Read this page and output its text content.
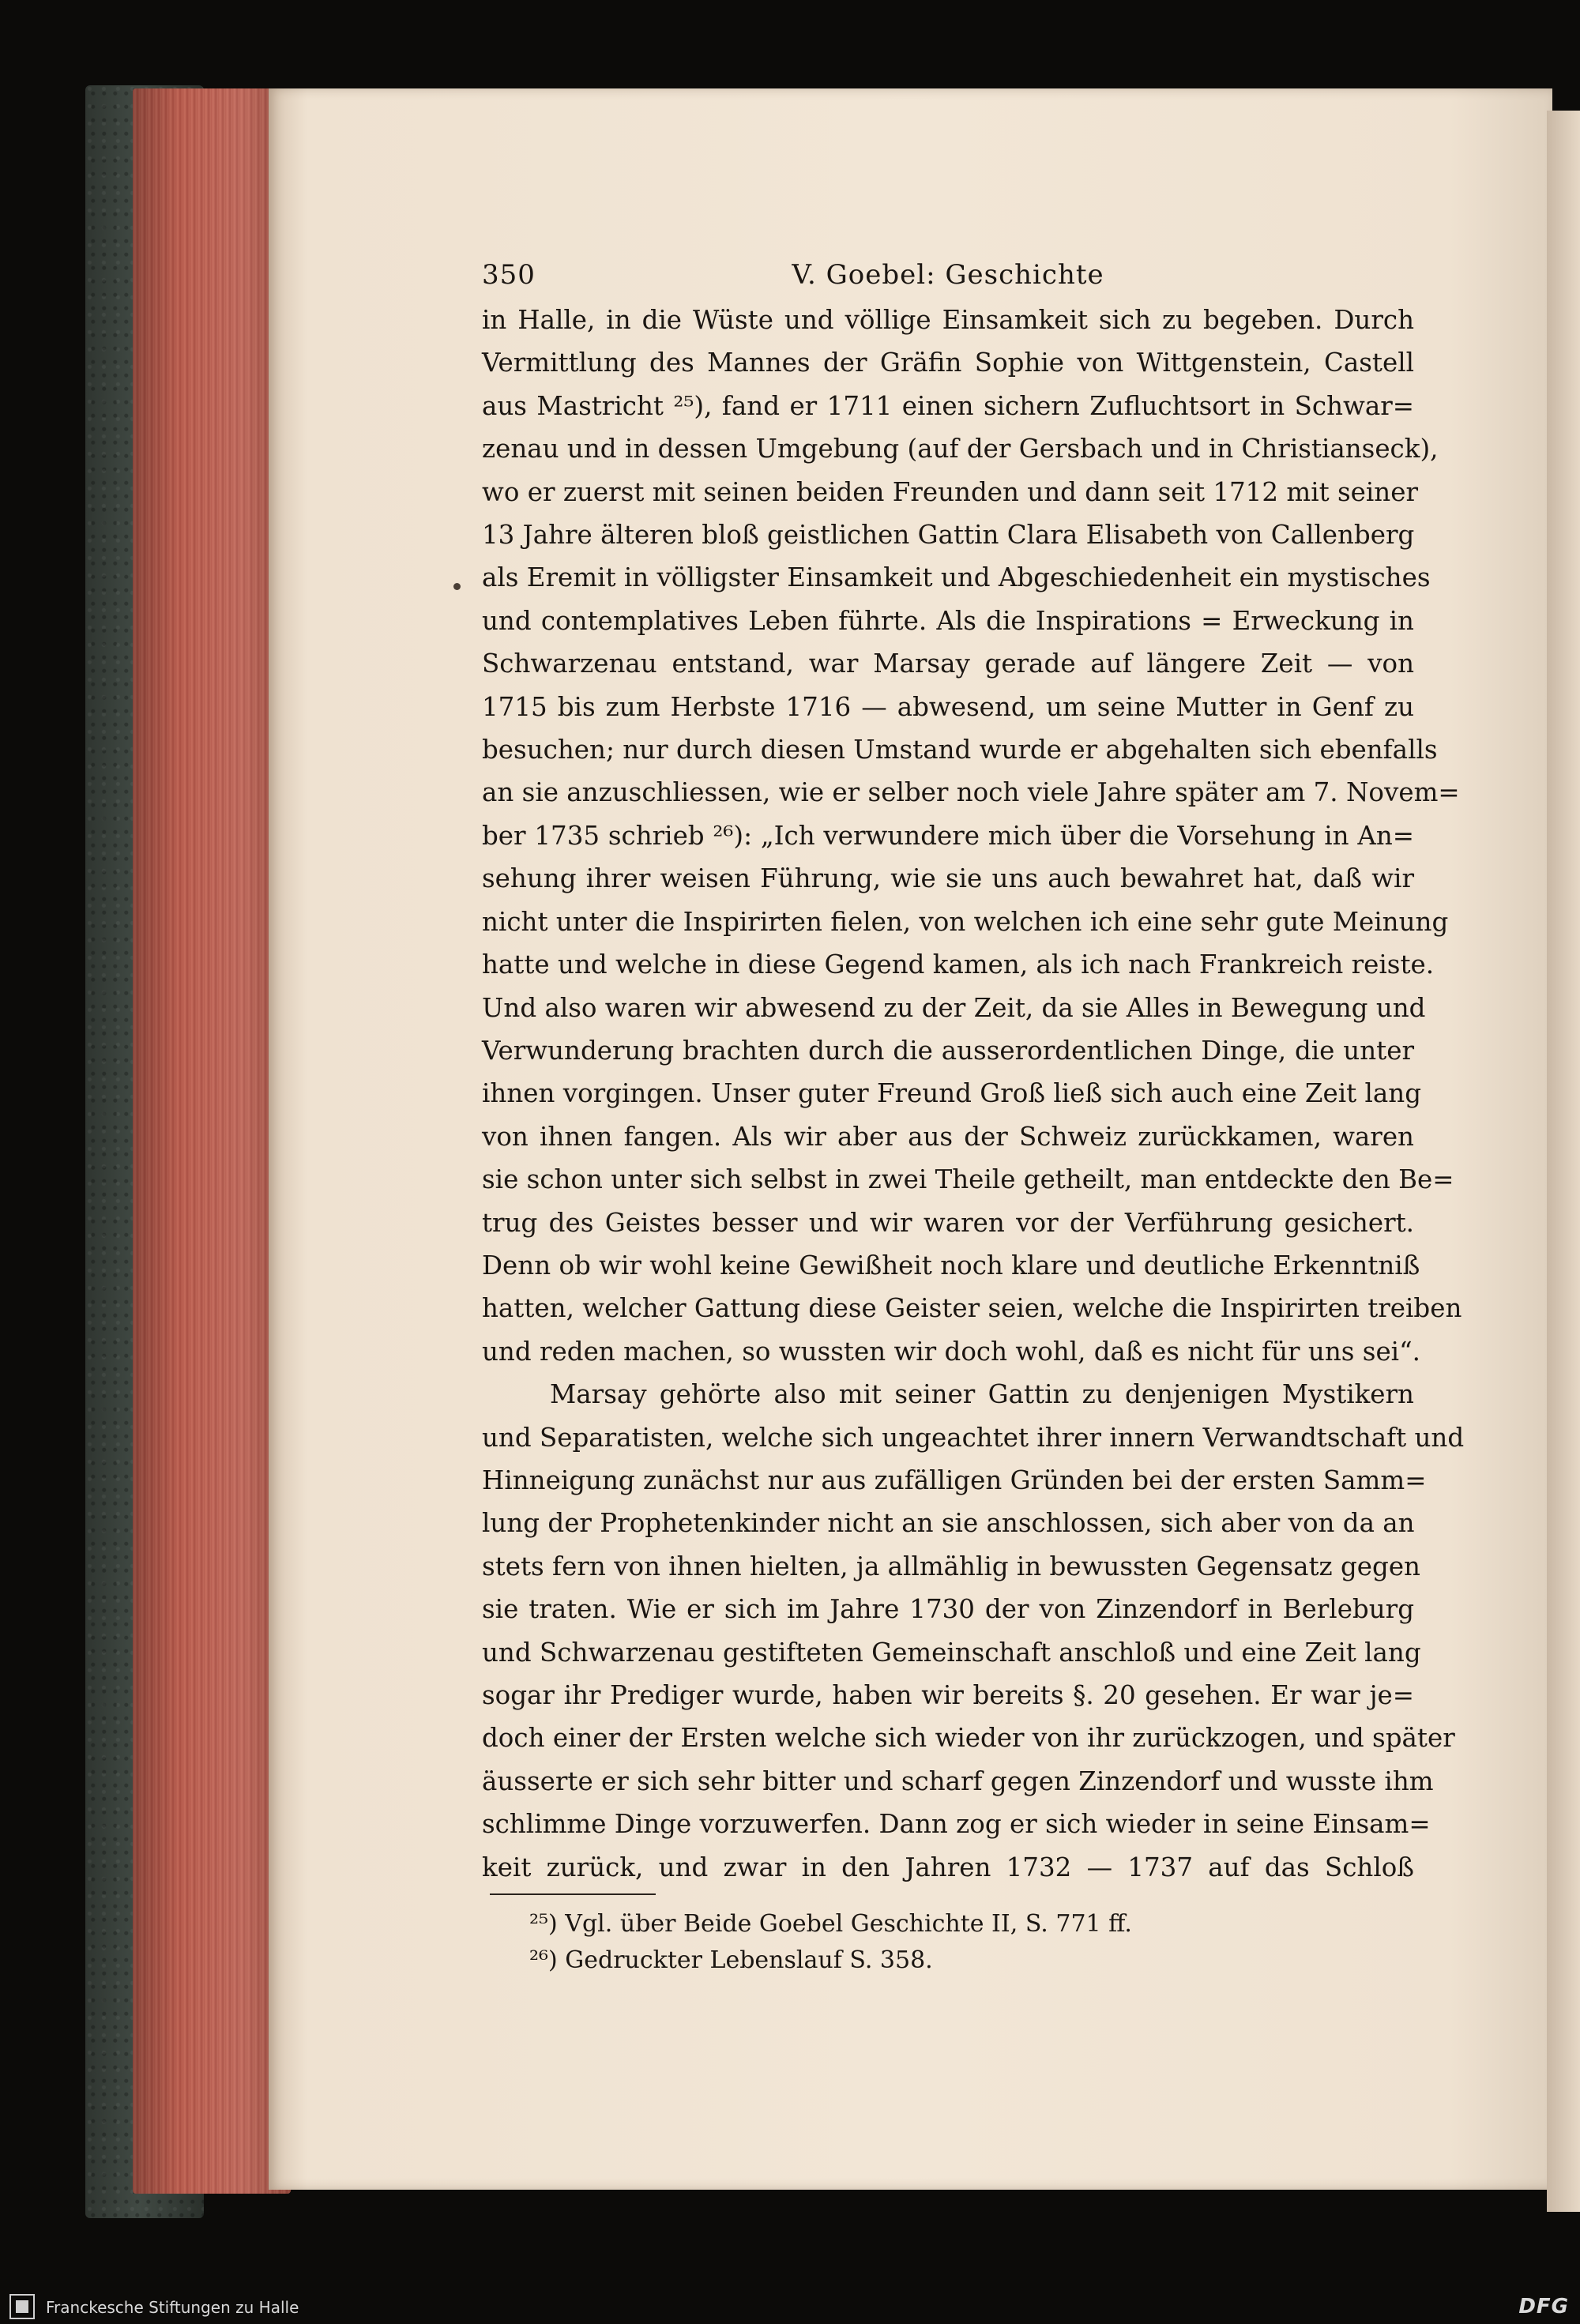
350	V. Goebel: Geschichte
in Halle, in die Wüste und völlige Einsamkeit sich zu begeben. Durch
Vermittlung des Mannes der Gräfin Sophie von Wittgenstein, Castell
aus Mastricht ²⁵), fand er 1711 einen sichern Zufluchtsort in Schwar=
zenau und in dessen Umgebung (auf der Gersbach und in Christianseck),
wo er zuerst mit seinen beiden Freunden und dann seit 1712 mit seiner
13 Jahre älteren bloß geistlichen Gattin Clara Elisabeth von Callenberg
als Eremit in völligster Einsamkeit und Abgeschiedenheit ein mystisches
und contemplatives Leben führte. Als die Inspirations = Erweckung in
Schwarzenau entstand, war Marsay gerade auf längere Zeit — von
1715 bis zum Herbste 1716 — abwesend, um seine Mutter in Genf zu
besuchen; nur durch diesen Umstand wurde er abgehalten sich ebenfalls
an sie anzuschliessen, wie er selber noch viele Jahre später am 7. Novem=
ber 1735 schrieb ²⁶): „Ich verwundere mich über die Vorsehung in An=
sehung ihrer weisen Führung, wie sie uns auch bewahret hat, daß wir
nicht unter die Inspirirten fielen, von welchen ich eine sehr gute Meinung
hatte und welche in diese Gegend kamen, als ich nach Frankreich reiste.
Und also waren wir abwesend zu der Zeit, da sie Alles in Bewegung und
Verwunderung brachten durch die ausserordentlichen Dinge, die unter
ihnen vorgingen. Unser guter Freund Groß ließ sich auch eine Zeit lang
von ihnen fangen. Als wir aber aus der Schweiz zurückkamen, waren
sie schon unter sich selbst in zwei Theile getheilt, man entdeckte den Be=
trug des Geistes besser und wir waren vor der Verführung gesichert.
Denn ob wir wohl keine Gewißheit noch klare und deutliche Erkenntniß
hatten, welcher Gattung diese Geister seien, welche die Inspirirten treiben
und reden machen, so wussten wir doch wohl, daß es nicht für uns sei“.
Marsay gehörte also mit seiner Gattin zu denjenigen Mystikern
und Separatisten, welche sich ungeachtet ihrer innern Verwandtschaft und
Hinneigung zunächst nur aus zufälligen Gründen bei der ersten Samm=
lung der Prophetenkinder nicht an sie anschlossen, sich aber von da an
stets fern von ihnen hielten, ja allmählig in bewussten Gegensatz gegen
sie traten. Wie er sich im Jahre 1730 der von Zinzendorf in Berleburg
und Schwarzenau gestifteten Gemeinschaft anschloß und eine Zeit lang
sogar ihr Prediger wurde, haben wir bereits §. 20 gesehen. Er war je=
doch einer der Ersten welche sich wieder von ihr zurückzogen, und später
äusserte er sich sehr bitter und scharf gegen Zinzendorf und wusste ihm
schlimme Dinge vorzuwerfen. Dann zog er sich wieder in seine Einsam=
keit zurück, und zwar in den Jahren 1732 — 1737 auf das Schloß
²⁵) Vgl. über Beide Goebel Geschichte II, S. 771 ff.
²⁶) Gedruckter Lebenslauf S. 358.
Franckesche Stiftungen zu Halle	DFG
